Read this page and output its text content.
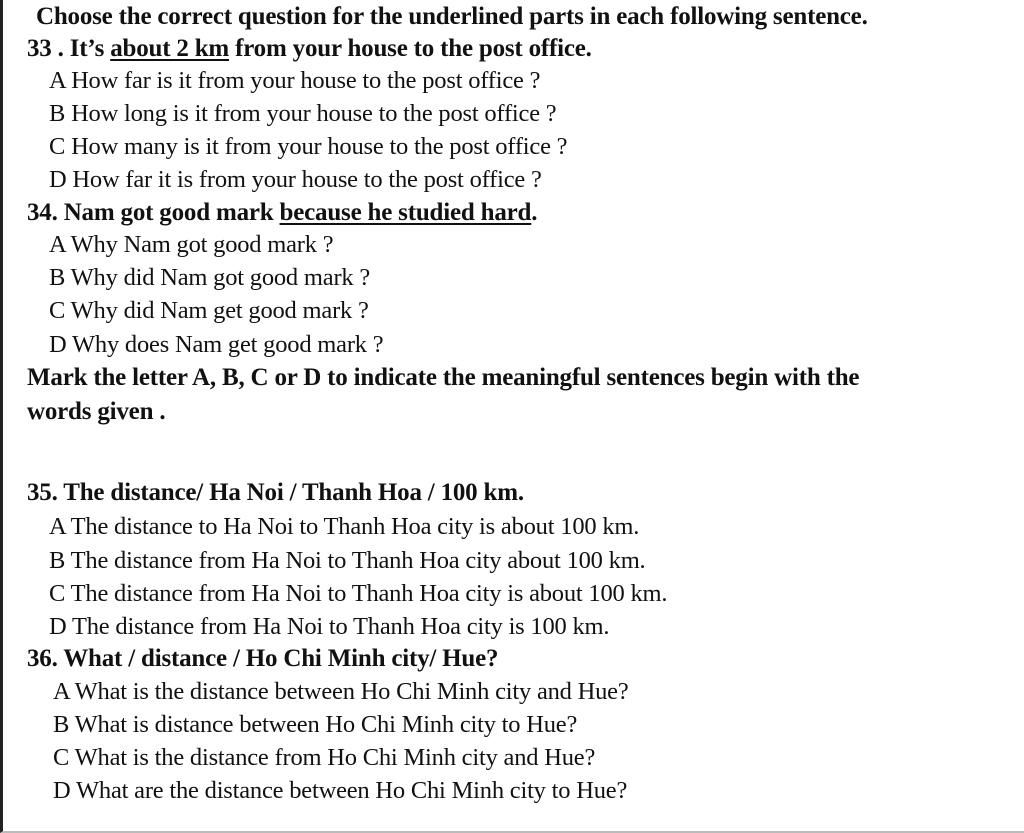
Choose the correct question for the underlined parts in each following sentence.
33 . It’s about 2 km from your house to the post office.
A How far is it from your house to the post office ?
B How long is it from your house to the post office ?
C How many is it from your house to the post office ?
D How far it is from your house to the post office ?
34. Nam got good mark because he studied hard.
A Why Nam got good mark ?
B Why did Nam got good mark ?
C Why did Nam get good mark ?
D Why does Nam get good mark ?
Mark the letter A, B, C or D to indicate the meaningful sentences begin with the
words given .
35. The distance/ Ha Noi / Thanh Hoa / 100 km.
A The distance to Ha Noi to Thanh Hoa city is about 100 km.
B The distance from Ha Noi to Thanh Hoa city about 100 km.
C The distance from Ha Noi to Thanh Hoa city is about 100 km.
D The distance from Ha Noi to Thanh Hoa city is 100 km.
36. What / distance / Ho Chi Minh city/ Hue?
A What is the distance between Ho Chi Minh city and Hue?
B What is distance between Ho Chi Minh city to Hue?
C What is the distance from Ho Chi Minh city and Hue?
D What are the distance between Ho Chi Minh city to Hue?
